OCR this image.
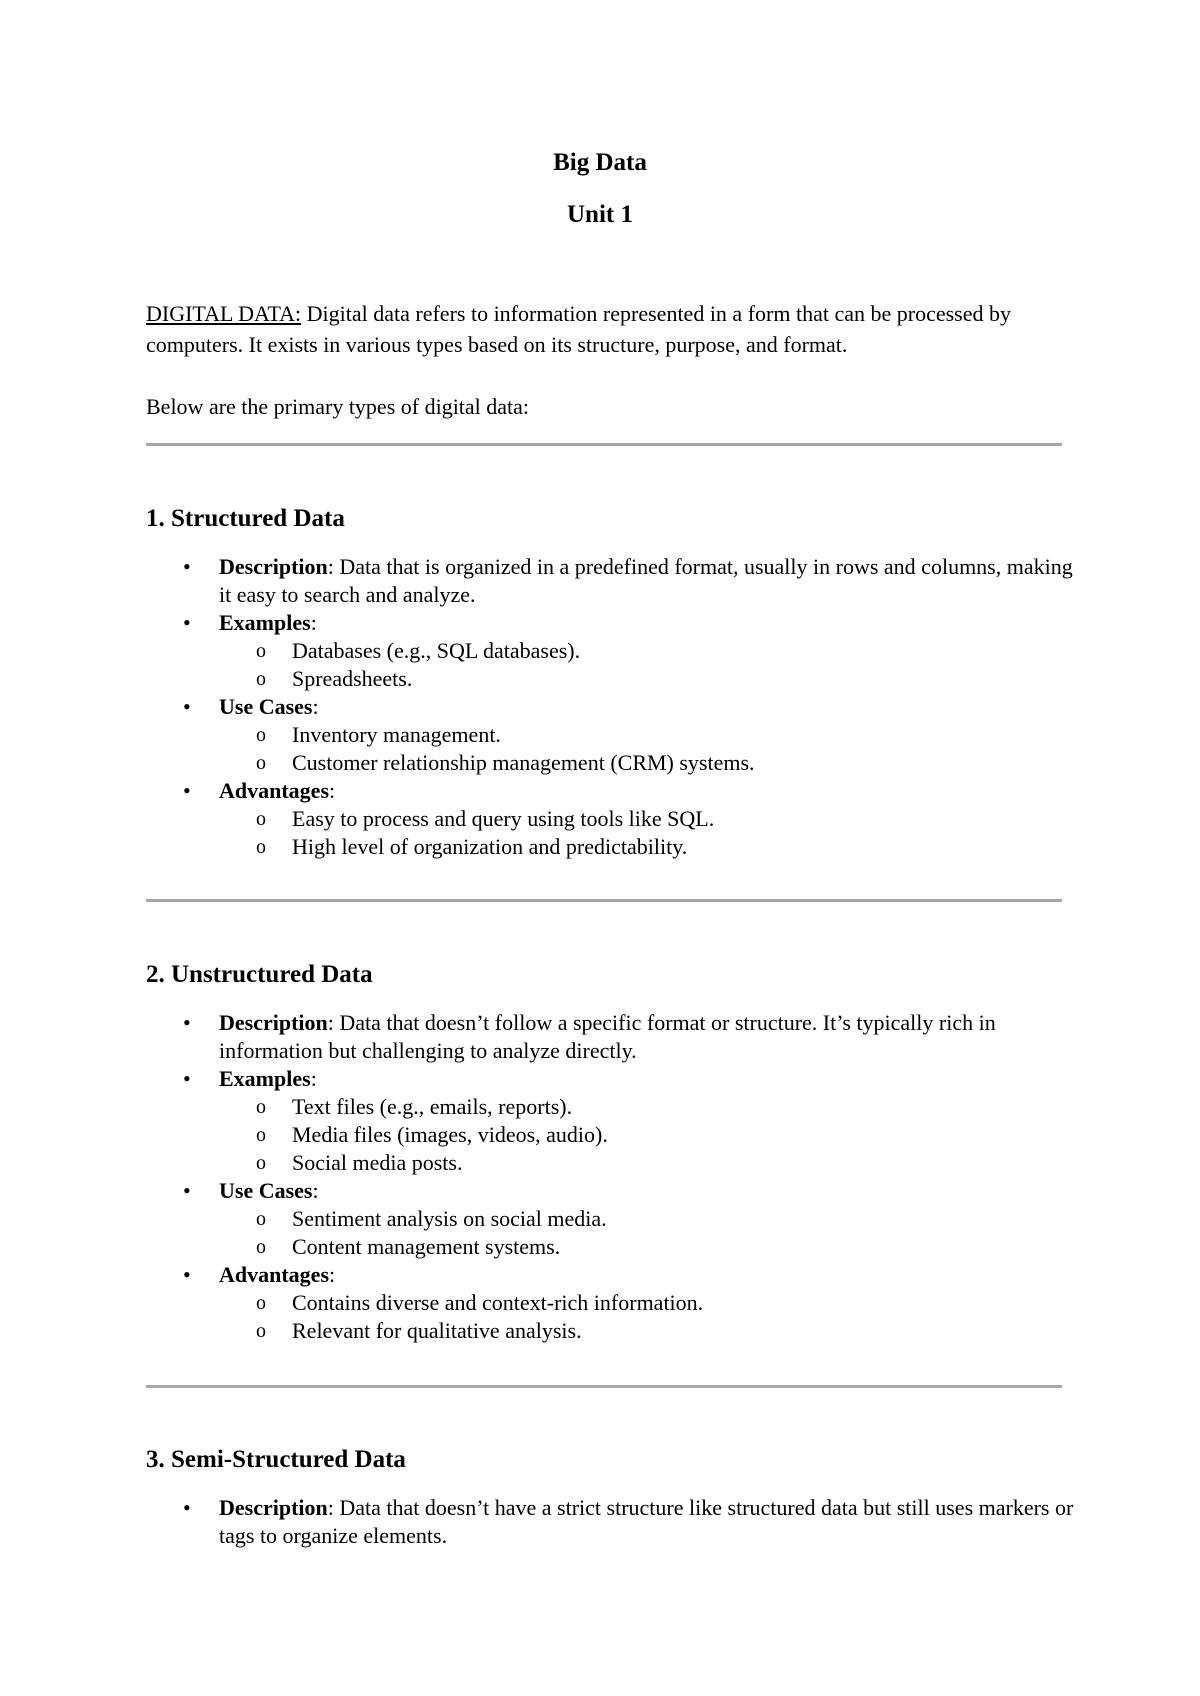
Big Data
Unit 1
DIGITAL DATA: Digital data refers to information represented in a form that can be processed by computers. It exists in various types based on its structure, purpose, and format.
Below are the primary types of digital data:
1. Structured Data
• Description: Data that is organized in a predefined format, usually in rows and columns, making it easy to search and analyze.
• Examples:
o Databases (e.g., SQL databases).
o Spreadsheets.
• Use Cases:
o Inventory management.
o Customer relationship management (CRM) systems.
• Advantages:
o Easy to process and query using tools like SQL.
o High level of organization and predictability.
2. Unstructured Data
• Description: Data that doesn’t follow a specific format or structure. It’s typically rich in information but challenging to analyze directly.
• Examples:
o Text files (e.g., emails, reports).
o Media files (images, videos, audio).
o Social media posts.
• Use Cases:
o Sentiment analysis on social media.
o Content management systems.
• Advantages:
o Contains diverse and context-rich information.
o Relevant for qualitative analysis.
3. Semi-Structured Data
• Description: Data that doesn’t have a strict structure like structured data but still uses markers or tags to organize elements.
